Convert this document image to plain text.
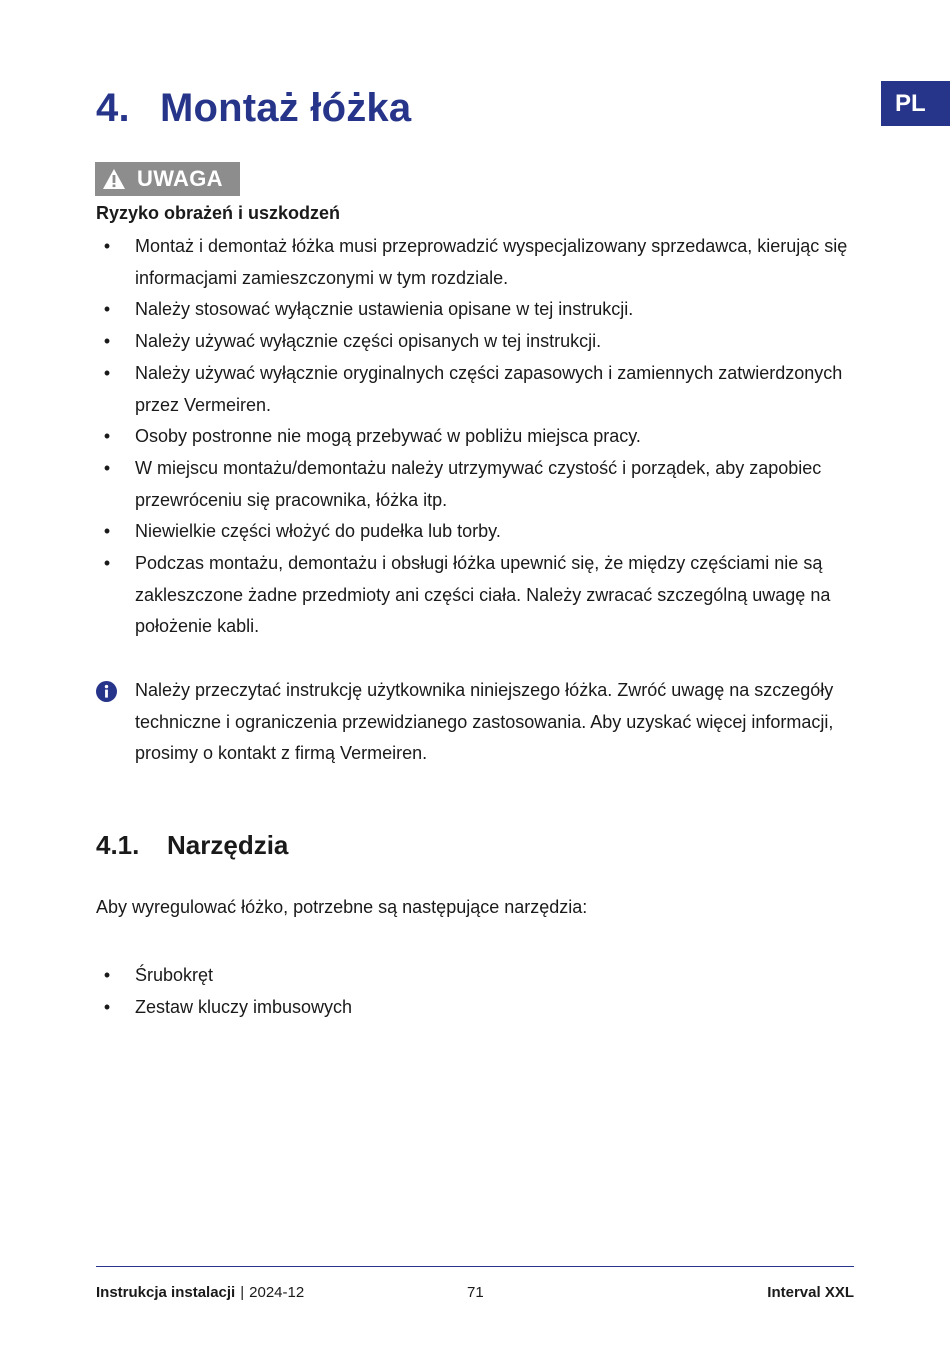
PL
4. Montaż łóżka
UWAGA
Ryzyko obrażeń i uszkodzeń
• Montaż i demontaż łóżka musi przeprowadzić wyspecjalizowany sprzedawca, kierując się informacjami zamieszczonymi w tym rozdziale.
• Należy stosować wyłącznie ustawienia opisane w tej instrukcji.
• Należy używać wyłącznie części opisanych w tej instrukcji.
• Należy używać wyłącznie oryginalnych części zapasowych i zamiennych zatwierdzonych przez Vermeiren.
• Osoby postronne nie mogą przebywać w pobliżu miejsca pracy.
• W miejscu montażu/demontażu należy utrzymywać czystość i porządek, aby zapobiec przewróceniu się pracownika, łóżka itp.
• Niewielkie części włożyć do pudełka lub torby.
• Podczas montażu, demontażu i obsługi łóżka upewnić się, że między częściami nie są zakleszczone żadne przedmioty ani części ciała. Należy zwracać szczególną uwagę na położenie kabli.
Należy przeczytać instrukcję użytkownika niniejszego łóżka. Zwróć uwagę na szczegóły techniczne i ograniczenia przewidzianego zastosowania. Aby uzyskać więcej informacji, prosimy o kontakt z firmą Vermeiren.
4.1. Narzędzia
Aby wyregulować łóżko, potrzebne są następujące narzędzia:
• Śrubokręt
• Zestaw kluczy imbusowych
Instrukcja instalacji | 2024-12	71	Interval XXL
